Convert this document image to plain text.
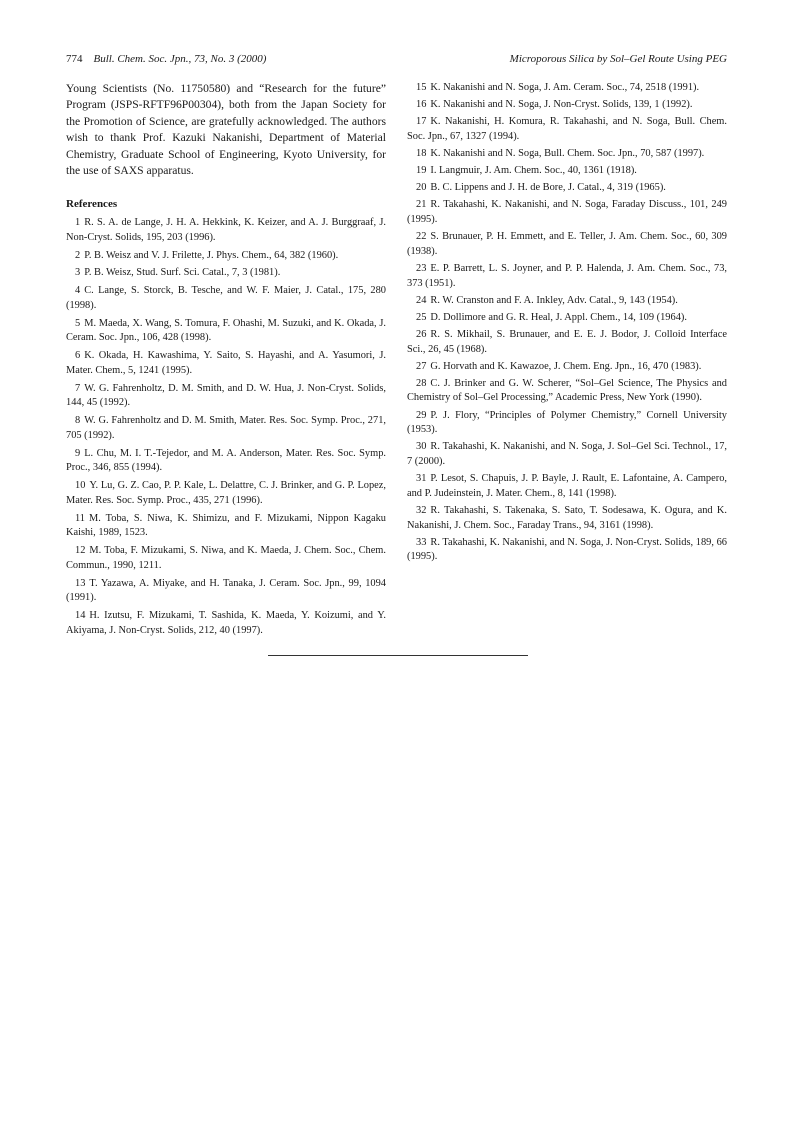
774 Bull. Chem. Soc. Jpn., 73, No. 3 (2000)	Microporous Silica by Sol–Gel Route Using PEG

Young Scientists (No. 11750580) and “Research for the future” Program (JSPS-RFTF96P00304), both from the Japan Society for the Promotion of Science, are gratefully acknowledged. The authors wish to thank Prof. Kazuki Nakanishi, Department of Material Chemistry, Graduate School of Engineering, Kyoto University, for the use of SAXS apparatus.

References
1 R. S. A. de Lange, J. H. A. Hekkink, K. Keizer, and A. J. Burggraaf, J. Non-Cryst. Solids, 195, 203 (1996).
2 P. B. Weisz and V. J. Frilette, J. Phys. Chem., 64, 382 (1960).
3 P. B. Weisz, Stud. Surf. Sci. Catal., 7, 3 (1981).
4 C. Lange, S. Storck, B. Tesche, and W. F. Maier, J. Catal., 175, 280 (1998).
5 M. Maeda, X. Wang, S. Tomura, F. Ohashi, M. Suzuki, and K. Okada, J. Ceram. Soc. Jpn., 106, 428 (1998).
6 K. Okada, H. Kawashima, Y. Saito, S. Hayashi, and A. Yasumori, J. Mater. Chem., 5, 1241 (1995).
7 W. G. Fahrenholtz, D. M. Smith, and D. W. Hua, J. Non-Cryst. Solids, 144, 45 (1992).
8 W. G. Fahrenholtz and D. M. Smith, Mater. Res. Soc. Symp. Proc., 271, 705 (1992).
9 L. Chu, M. I. T.-Tejedor, and M. A. Anderson, Mater. Res. Soc. Symp. Proc., 346, 855 (1994).
10 Y. Lu, G. Z. Cao, P. P. Kale, L. Delattre, C. J. Brinker, and G. P. Lopez, Mater. Res. Soc. Symp. Proc., 435, 271 (1996).
11 M. Toba, S. Niwa, K. Shimizu, and F. Mizukami, Nippon Kagaku Kaishi, 1989, 1523.
12 M. Toba, F. Mizukami, S. Niwa, and K. Maeda, J. Chem. Soc., Chem. Commun., 1990, 1211.
13 T. Yazawa, A. Miyake, and H. Tanaka, J. Ceram. Soc. Jpn., 99, 1094 (1991).
14 H. Izutsu, F. Mizukami, T. Sashida, K. Maeda, Y. Koizumi, and Y. Akiyama, J. Non-Cryst. Solids, 212, 40 (1997).
15 K. Nakanishi and N. Soga, J. Am. Ceram. Soc., 74, 2518 (1991).
16 K. Nakanishi and N. Soga, J. Non-Cryst. Solids, 139, 1 (1992).
17 K. Nakanishi, H. Komura, R. Takahashi, and N. Soga, Bull. Chem. Soc. Jpn., 67, 1327 (1994).
18 K. Nakanishi and N. Soga, Bull. Chem. Soc. Jpn., 70, 587 (1997).
19 I. Langmuir, J. Am. Chem. Soc., 40, 1361 (1918).
20 B. C. Lippens and J. H. de Bore, J. Catal., 4, 319 (1965).
21 R. Takahashi, K. Nakanishi, and N. Soga, Faraday Discuss., 101, 249 (1995).
22 S. Brunauer, P. H. Emmett, and E. Teller, J. Am. Chem. Soc., 60, 309 (1938).
23 E. P. Barrett, L. S. Joyner, and P. P. Halenda, J. Am. Chem. Soc., 73, 373 (1951).
24 R. W. Cranston and F. A. Inkley, Adv. Catal., 9, 143 (1954).
25 D. Dollimore and G. R. Heal, J. Appl. Chem., 14, 109 (1964).
26 R. S. Mikhail, S. Brunauer, and E. E. J. Bodor, J. Colloid Interface Sci., 26, 45 (1968).
27 G. Horvath and K. Kawazoe, J. Chem. Eng. Jpn., 16, 470 (1983).
28 C. J. Brinker and G. W. Scherer, “Sol–Gel Science, The Physics and Chemistry of Sol–Gel Processing,” Academic Press, New York (1990).
29 P. J. Flory, “Principles of Polymer Chemistry,” Cornell University (1953).
30 R. Takahashi, K. Nakanishi, and N. Soga, J. Sol–Gel Sci. Technol., 17, 7 (2000).
31 P. Lesot, S. Chapuis, J. P. Bayle, J. Rault, E. Lafontaine, A. Campero, and P. Judeinstein, J. Mater. Chem., 8, 141 (1998).
32 R. Takahashi, S. Takenaka, S. Sato, T. Sodesawa, K. Ogura, and K. Nakanishi, J. Chem. Soc., Faraday Trans., 94, 3161 (1998).
33 R. Takahashi, K. Nakanishi, and N. Soga, J. Non-Cryst. Solids, 189, 66 (1995).
